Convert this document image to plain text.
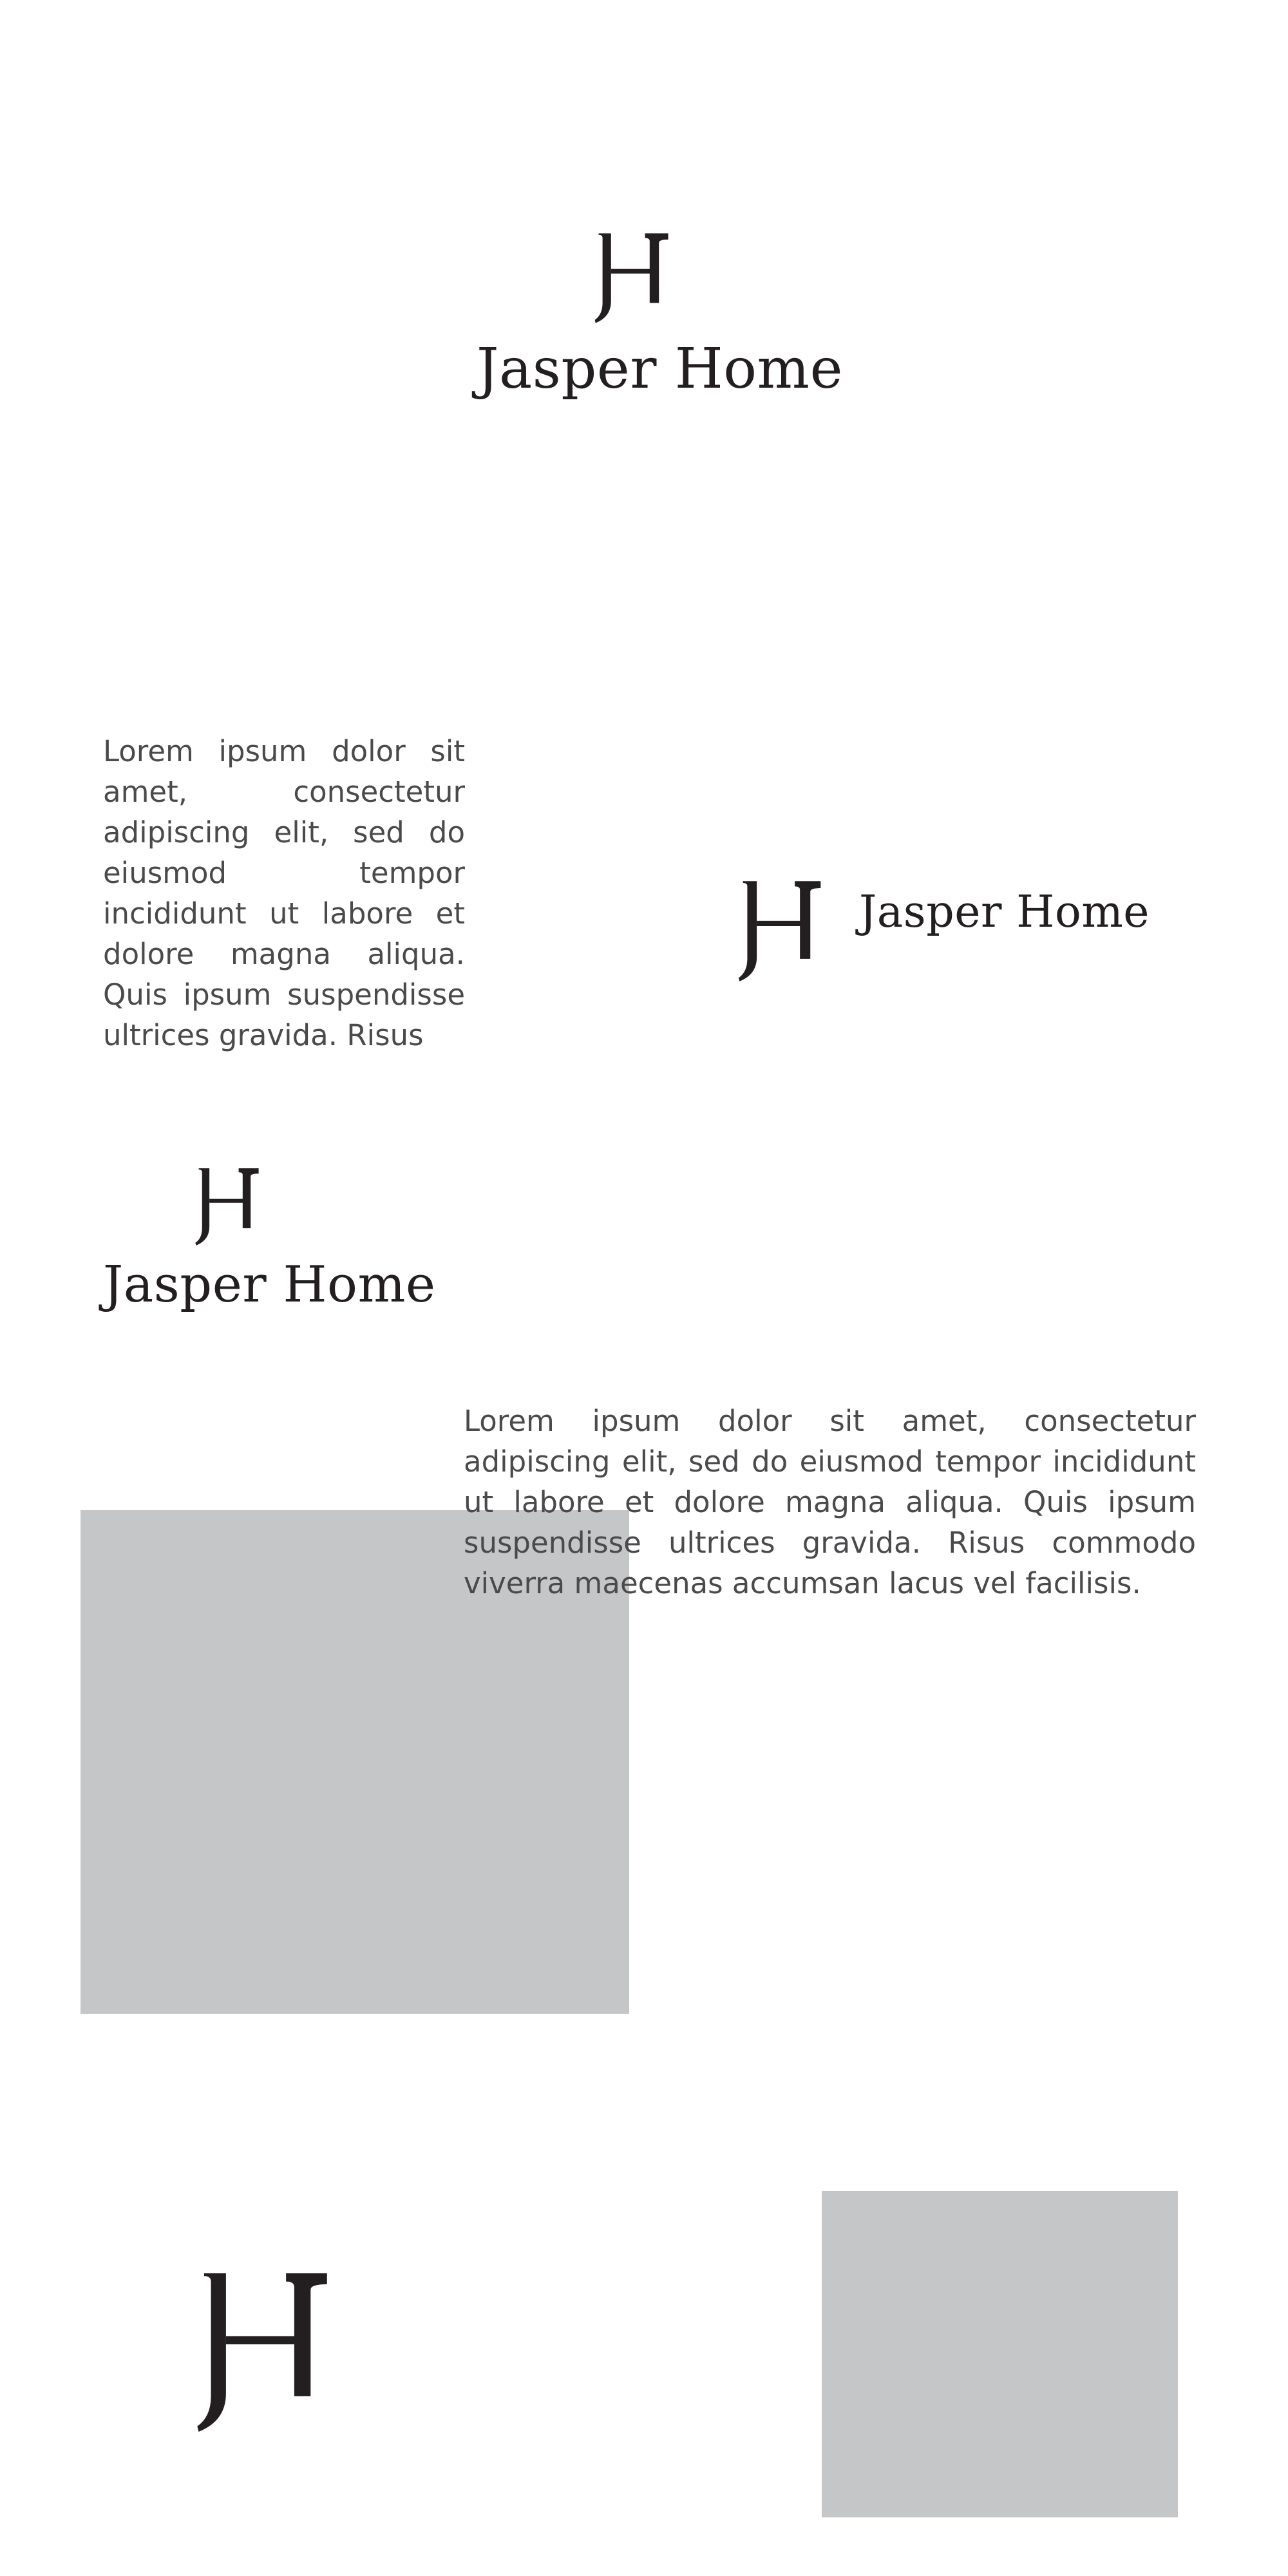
Jasper Home

Lorem ipsum dolor sit amet, consectetur adipiscing elit, sed do eiusmod tempor incididunt ut labore et dolore magna aliqua. Quis ipsum suspendisse ultrices gravida. Risus

Jasper Home
Jasper Home

Lorem ipsum dolor sit amet, consectetur adipiscing elit, sed do eiusmod tempor incididunt ut labore et dolore magna aliqua. Quis ipsum suspendisse ultrices gravida. Risus commodo viverra maecenas accumsan lacus vel facilisis.
